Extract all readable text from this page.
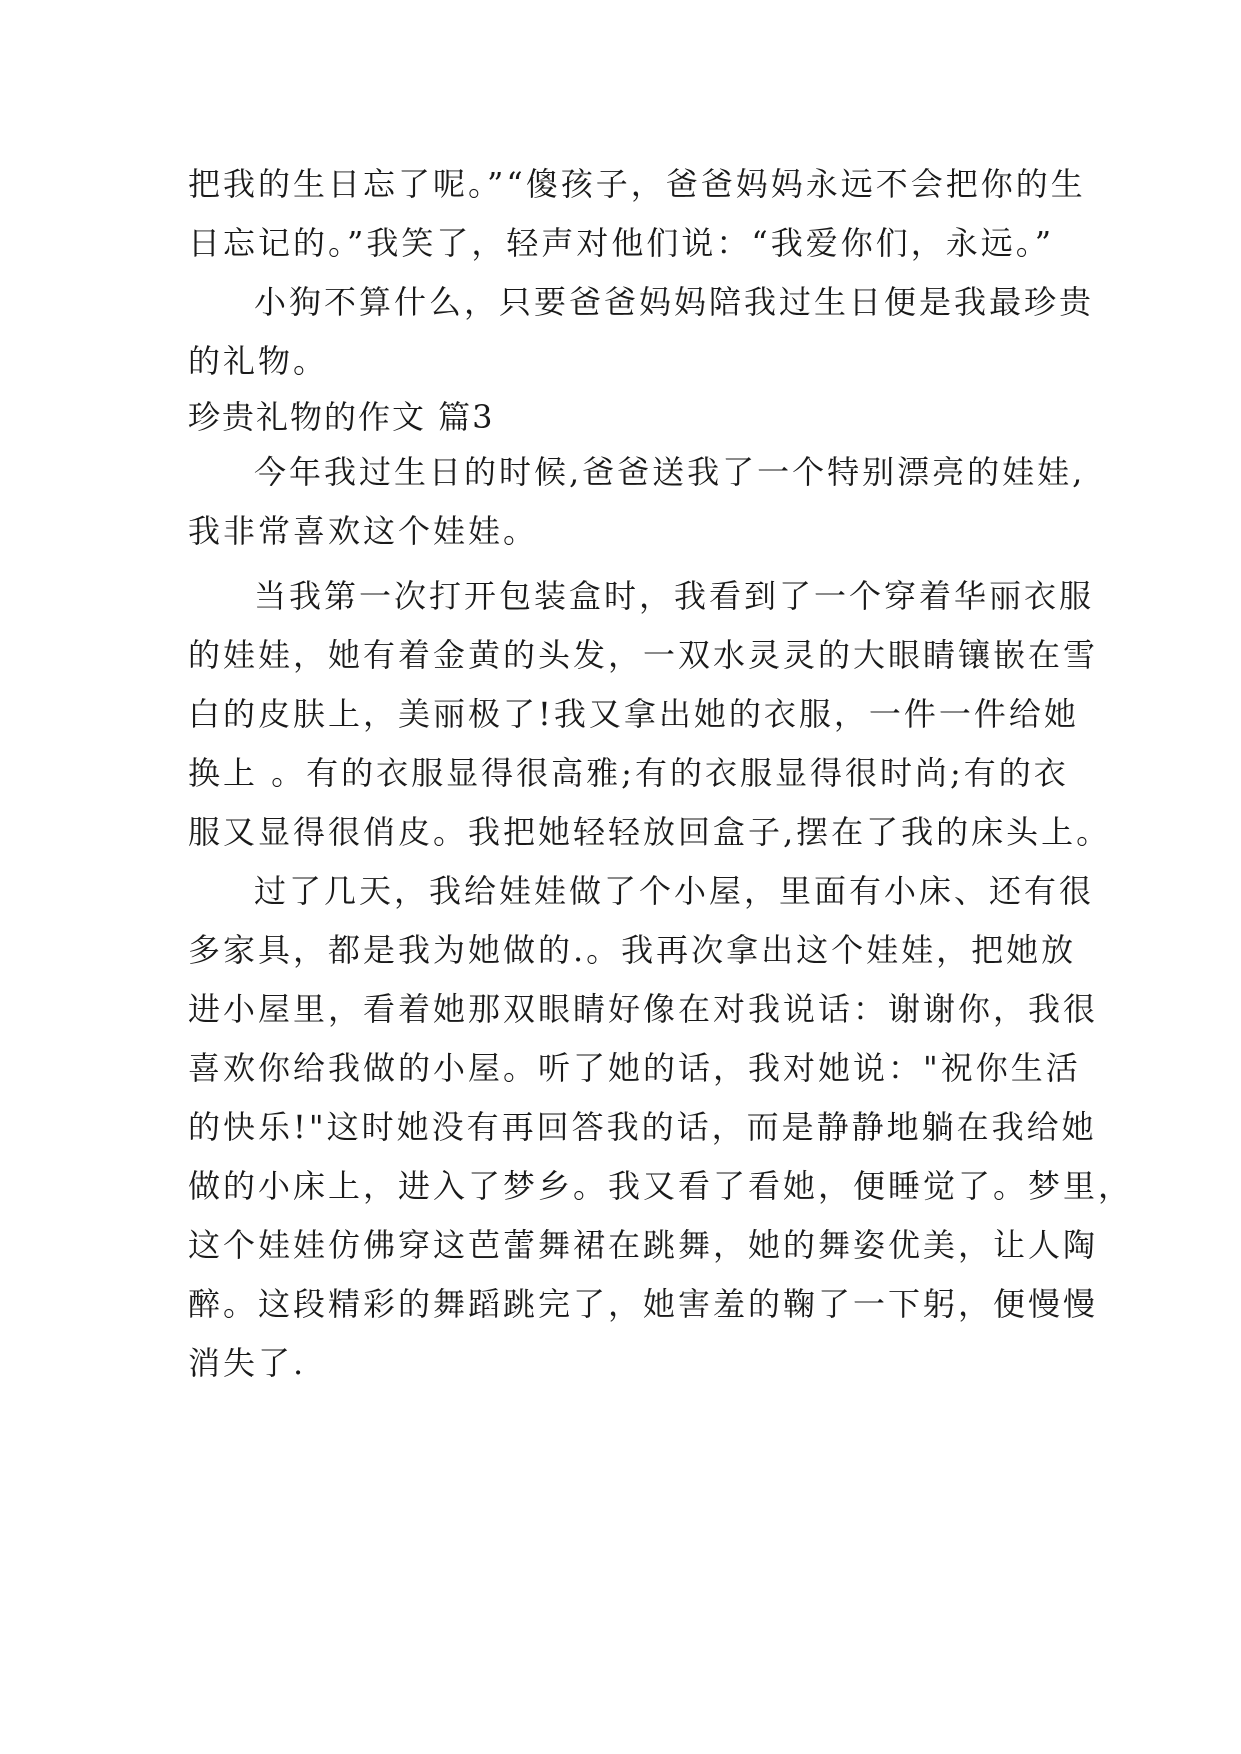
把我的生日忘了呢。”“傻孩子，爸爸妈妈永远不会把你的生

日忘记的。”我笑了，轻声对他们说：“我爱你们，永远。”

小狗不算什么，只要爸爸妈妈陪我过生日便是我最珍贵

的礼物。

珍贵礼物的作文 篇3

今年我过生日的时候,爸爸送我了一个特别漂亮的娃娃,

我非常喜欢这个娃娃。

当我第一次打开包装盒时，我看到了一个穿着华丽衣服

的娃娃，她有着金黄的头发，一双水灵灵的大眼睛镶嵌在雪

白的皮肤上，美丽极了!我又拿出她的衣服，一件一件给她

换上 。有的衣服显得很高雅;有的衣服显得很时尚;有的衣

服又显得很俏皮。我把她轻轻放回盒子,摆在了我的床头上。

过了几天，我给娃娃做了个小屋，里面有小床、还有很

多家具，都是我为她做的.。我再次拿出这个娃娃，把她放

进小屋里，看着她那双眼睛好像在对我说话：谢谢你，我很

喜欢你给我做的小屋。听了她的话，我对她说："祝你生活

的快乐!"这时她没有再回答我的话，而是静静地躺在我给她

做的小床上，进入了梦乡。我又看了看她，便睡觉了。梦里，

这个娃娃仿佛穿这芭蕾舞裙在跳舞，她的舞姿优美，让人陶

醉。这段精彩的舞蹈跳完了，她害羞的鞠了一下躬，便慢慢

消失了.
